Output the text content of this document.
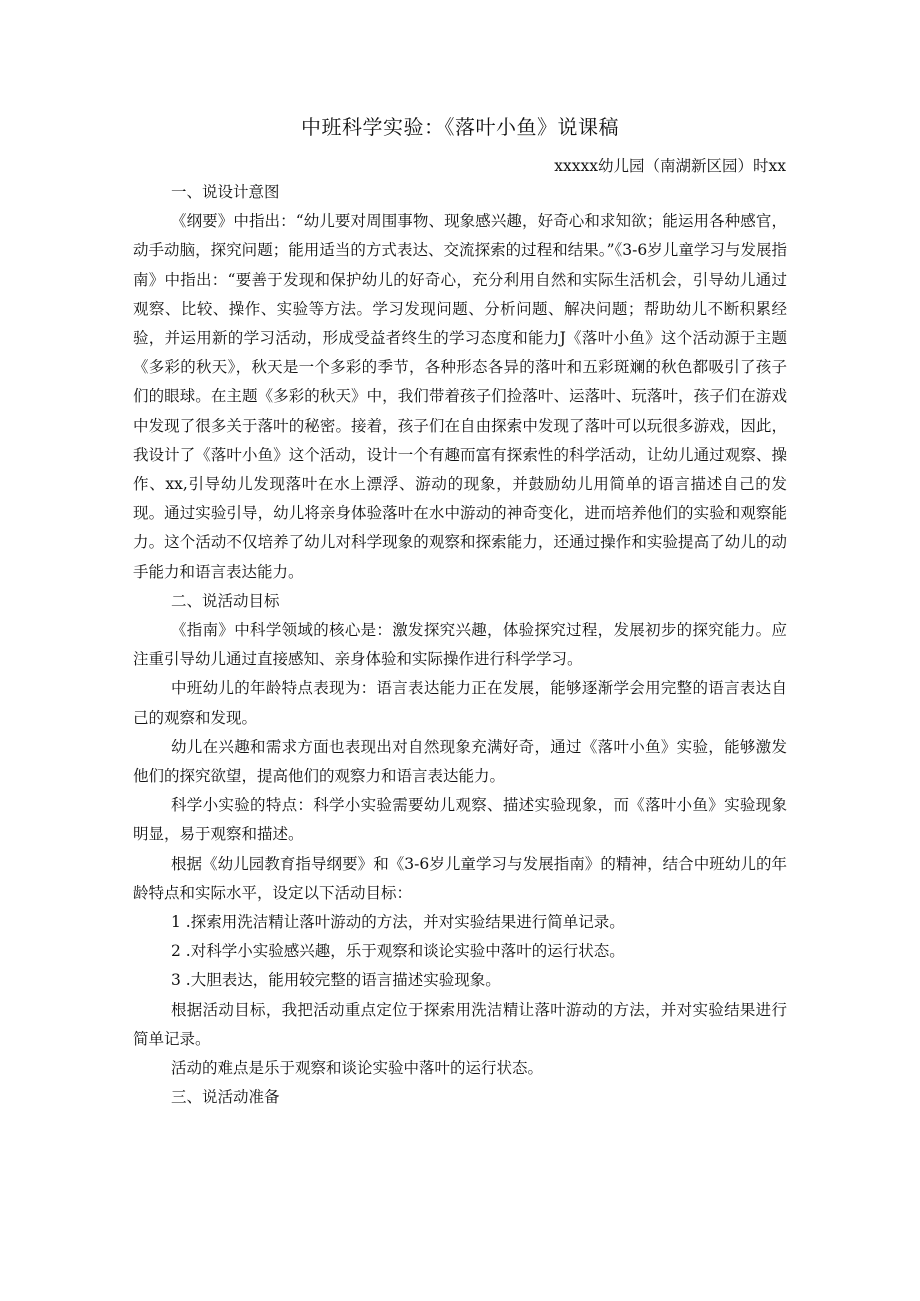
中班科学实验：《落叶小鱼》说课稿
xxxxx幼儿园（南湖新区园）时xx

一、说设计意图

《纲要》中指出：“幼儿要对周围事物、现象感兴趣，好奇心和求知欲；能运用各种感官，动手动脑，探究问题；能用适当的方式表达、交流探索的过程和结果。”《3-6岁儿童学习与发展指南》中指出：“要善于发现和保护幼儿的好奇心，充分利用自然和实际生活机会，引导幼儿通过观察、比较、操作、实验等方法。学习发现问题、分析问题、解决问题；帮助幼儿不断积累经验，并运用新的学习活动，形成受益者终生的学习态度和能力J《落叶小鱼》这个活动源于主题《多彩的秋天》，秋天是一个多彩的季节，各种形态各异的落叶和五彩斑斓的秋色都吸引了孩子们的眼球。在主题《多彩的秋天》中，我们带着孩子们捡落叶、运落叶、玩落叶，孩子们在游戏中发现了很多关于落叶的秘密。接着，孩子们在自由探索中发现了落叶可以玩很多游戏，因此，我设计了《落叶小鱼》这个活动，设计一个有趣而富有探索性的科学活动，让幼儿通过观察、操作、xx,引导幼儿发现落叶在水上漂浮、游动的现象，并鼓励幼儿用简单的语言描述自己的发现。通过实验引导，幼儿将亲身体验落叶在水中游动的神奇变化，进而培养他们的实验和观察能力。这个活动不仅培养了幼儿对科学现象的观察和探索能力，还通过操作和实验提高了幼儿的动手能力和语言表达能力。

二、说活动目标

《指南》中科学领域的核心是：激发探究兴趣，体验探究过程，发展初步的探究能力。应注重引导幼儿通过直接感知、亲身体验和实际操作进行科学学习。

中班幼儿的年龄特点表现为：语言表达能力正在发展，能够逐渐学会用完整的语言表达自己的观察和发现。

幼儿在兴趣和需求方面也表现出对自然现象充满好奇，通过《落叶小鱼》实验，能够激发他们的探究欲望，提高他们的观察力和语言表达能力。

科学小实验的特点：科学小实验需要幼儿观察、描述实验现象，而《落叶小鱼》实验现象明显，易于观察和描述。

根据《幼儿园教育指导纲要》和《3-6岁儿童学习与发展指南》的精神，结合中班幼儿的年龄特点和实际水平，设定以下活动目标：

1 .探索用洗洁精让落叶游动的方法，并对实验结果进行简单记录。

2 .对科学小实验感兴趣，乐于观察和谈论实验中落叶的运行状态。

3 .大胆表达，能用较完整的语言描述实验现象。

根据活动目标，我把活动重点定位于探索用洗洁精让落叶游动的方法，并对实验结果进行简单记录。

活动的难点是乐于观察和谈论实验中落叶的运行状态。

三、说活动准备
